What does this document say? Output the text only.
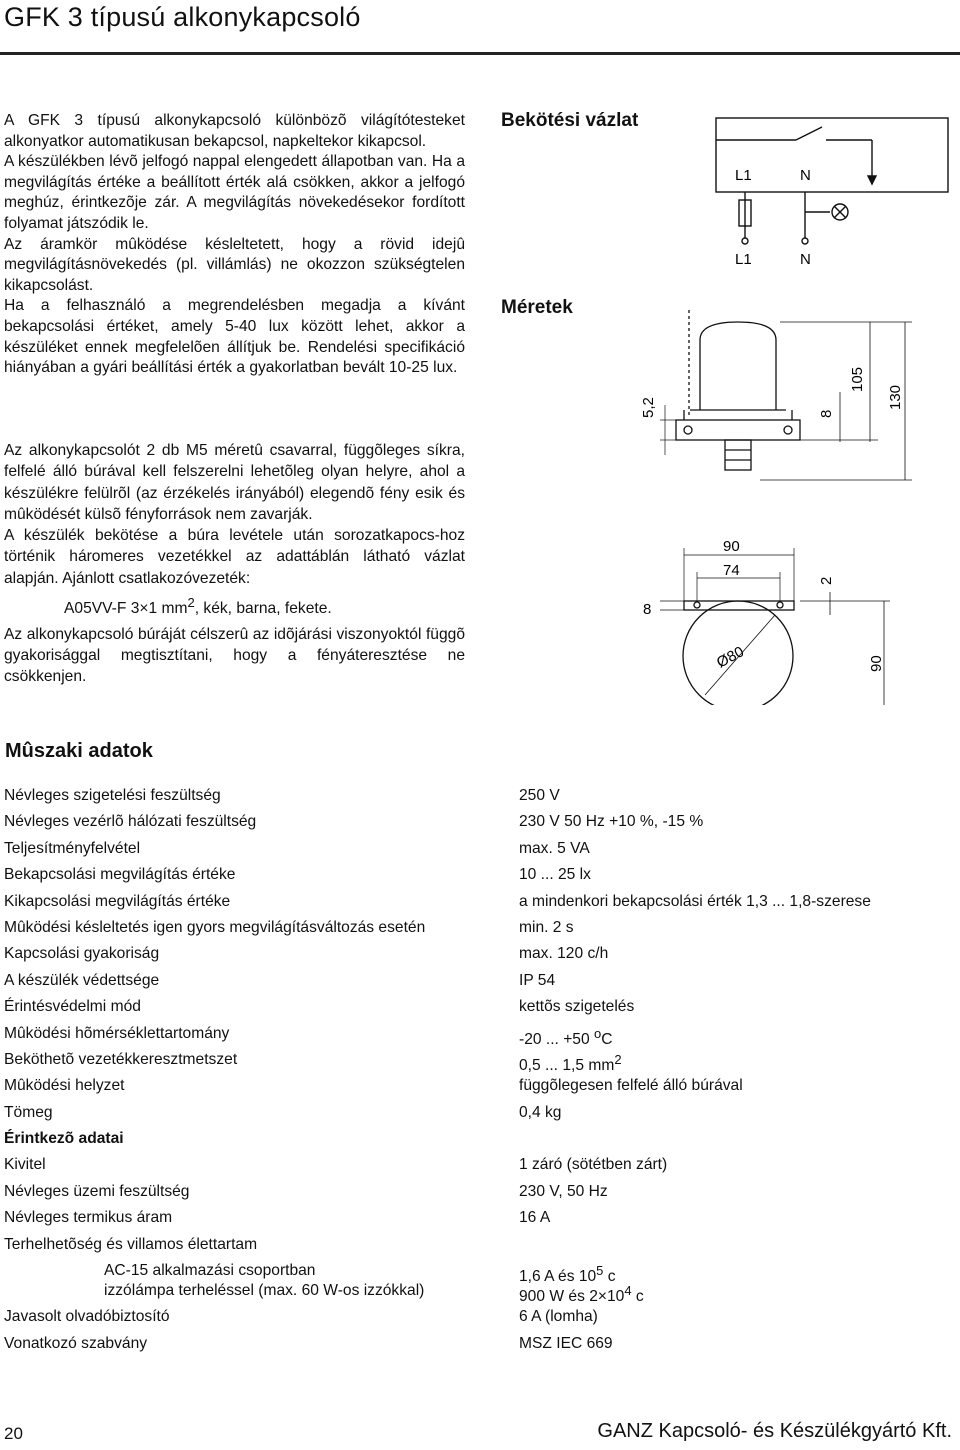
GFK 3 típusú alkonykapcsoló

A GFK 3 típusú alkonykapcsoló különbözõ világítótesteket alkonyatkor automatikusan bekapcsol, napkeltekor kikapcsol.

A készülékben lévõ jelfogó nappal elengedett állapotban van. Ha a megvilágítás értéke a beállított érték alá csökken, akkor a jelfogó meghúz, érintkezõje zár. A megvilágítás növekedésekor fordított folyamat játszódik le.

Az áramkör mûködése késleltetett, hogy a rövid idejû megvilágításnövekedés (pl. villámlás) ne okozzon szükségtelen kikapcsolást.

Ha a felhasználó a megrendelésben megadja a kívánt bekapcsolási értéket, amely 5-40 lux között lehet, akkor a készüléket ennek megfelelõen állítjuk be. Rendelési specifikáció hiányában a gyári beállítási érték a gyakorlatban bevált 10-25 lux.

Az alkonykapcsolót 2 db M5 méretû csavarral, függõleges síkra, felfelé álló búrával kell felszerelni lehetõleg olyan helyre, ahol a készülékre felülrõl (az érzékelés irányából) elegendõ fény esik és mûködését külsõ fényforrások nem zavarják.

A készülék bekötése a búra levétele után sorozatkapocs-hoz történik háromeres vezetékkel az adattáblán látható vázlat alapján. Ajánlott csatlakozóvezeték:

A05VV-F 3×1 $mm^2$, kék, barna, fekete.

Az alkonykapcsoló búráját célszerû az idõjárási viszonyoktól függõ gyakorisággal megtisztítani, hogy a fényáteresztése ne csökkenjen.

Bekötési vázlat
Méretek
L1	N
L1	N
5,2	8
105
130
90
74
2
8
Ø80	90
Mûszaki adatok
Névleges szigetelési feszültség	250 V
Névleges vezérlõ hálózati feszültség	230 V 50 Hz +10 %, -15 %
Teljesítményfelvétel	max. 5 VA
Bekapcsolási megvilágítás értéke	10 ... 25 lx
Kikapcsolási megvilágítás értéke	a mindenkori bekapcsolási érték 1,3 ... 1,8-szerese
Mûködési késleltetés igen gyors megvilágításváltozás esetén	min. 2 s
Kapcsolási gyakoriság	max. 120 c/h
A készülék védettsége	IP 54
Érintésvédelmi mód	kettõs szigetelés
Mûködési hõmérséklettartomány	-20 ... +50 $^o$C
Beköthetõ vezetékkeresztmetszet	0,5 ... 1,5 $mm^2$
Mûködési helyzet	függõlegesen felfelé álló búrával
Tömeg	0,4 kg
Érintkezõ adatai
Kivitel	1 záró (sötétben zárt)
Névleges üzemi feszültség	230 V, 50 Hz
Névleges termikus áram	16 A
Terhelhetõség és villamos élettartam
AC-15 alkalmazási csoportban	1,6 A és $10^5$ c
izzólámpa terheléssel (max. 60 W-os izzókkal)	900 W és $2\times 10^4$ c
Javasolt olvadóbiztosító	6 A (lomha)
Vonatkozó szabvány	MSZ IEC 669
20	GANZ Kapcsoló- és Készülékgyártó Kft.
